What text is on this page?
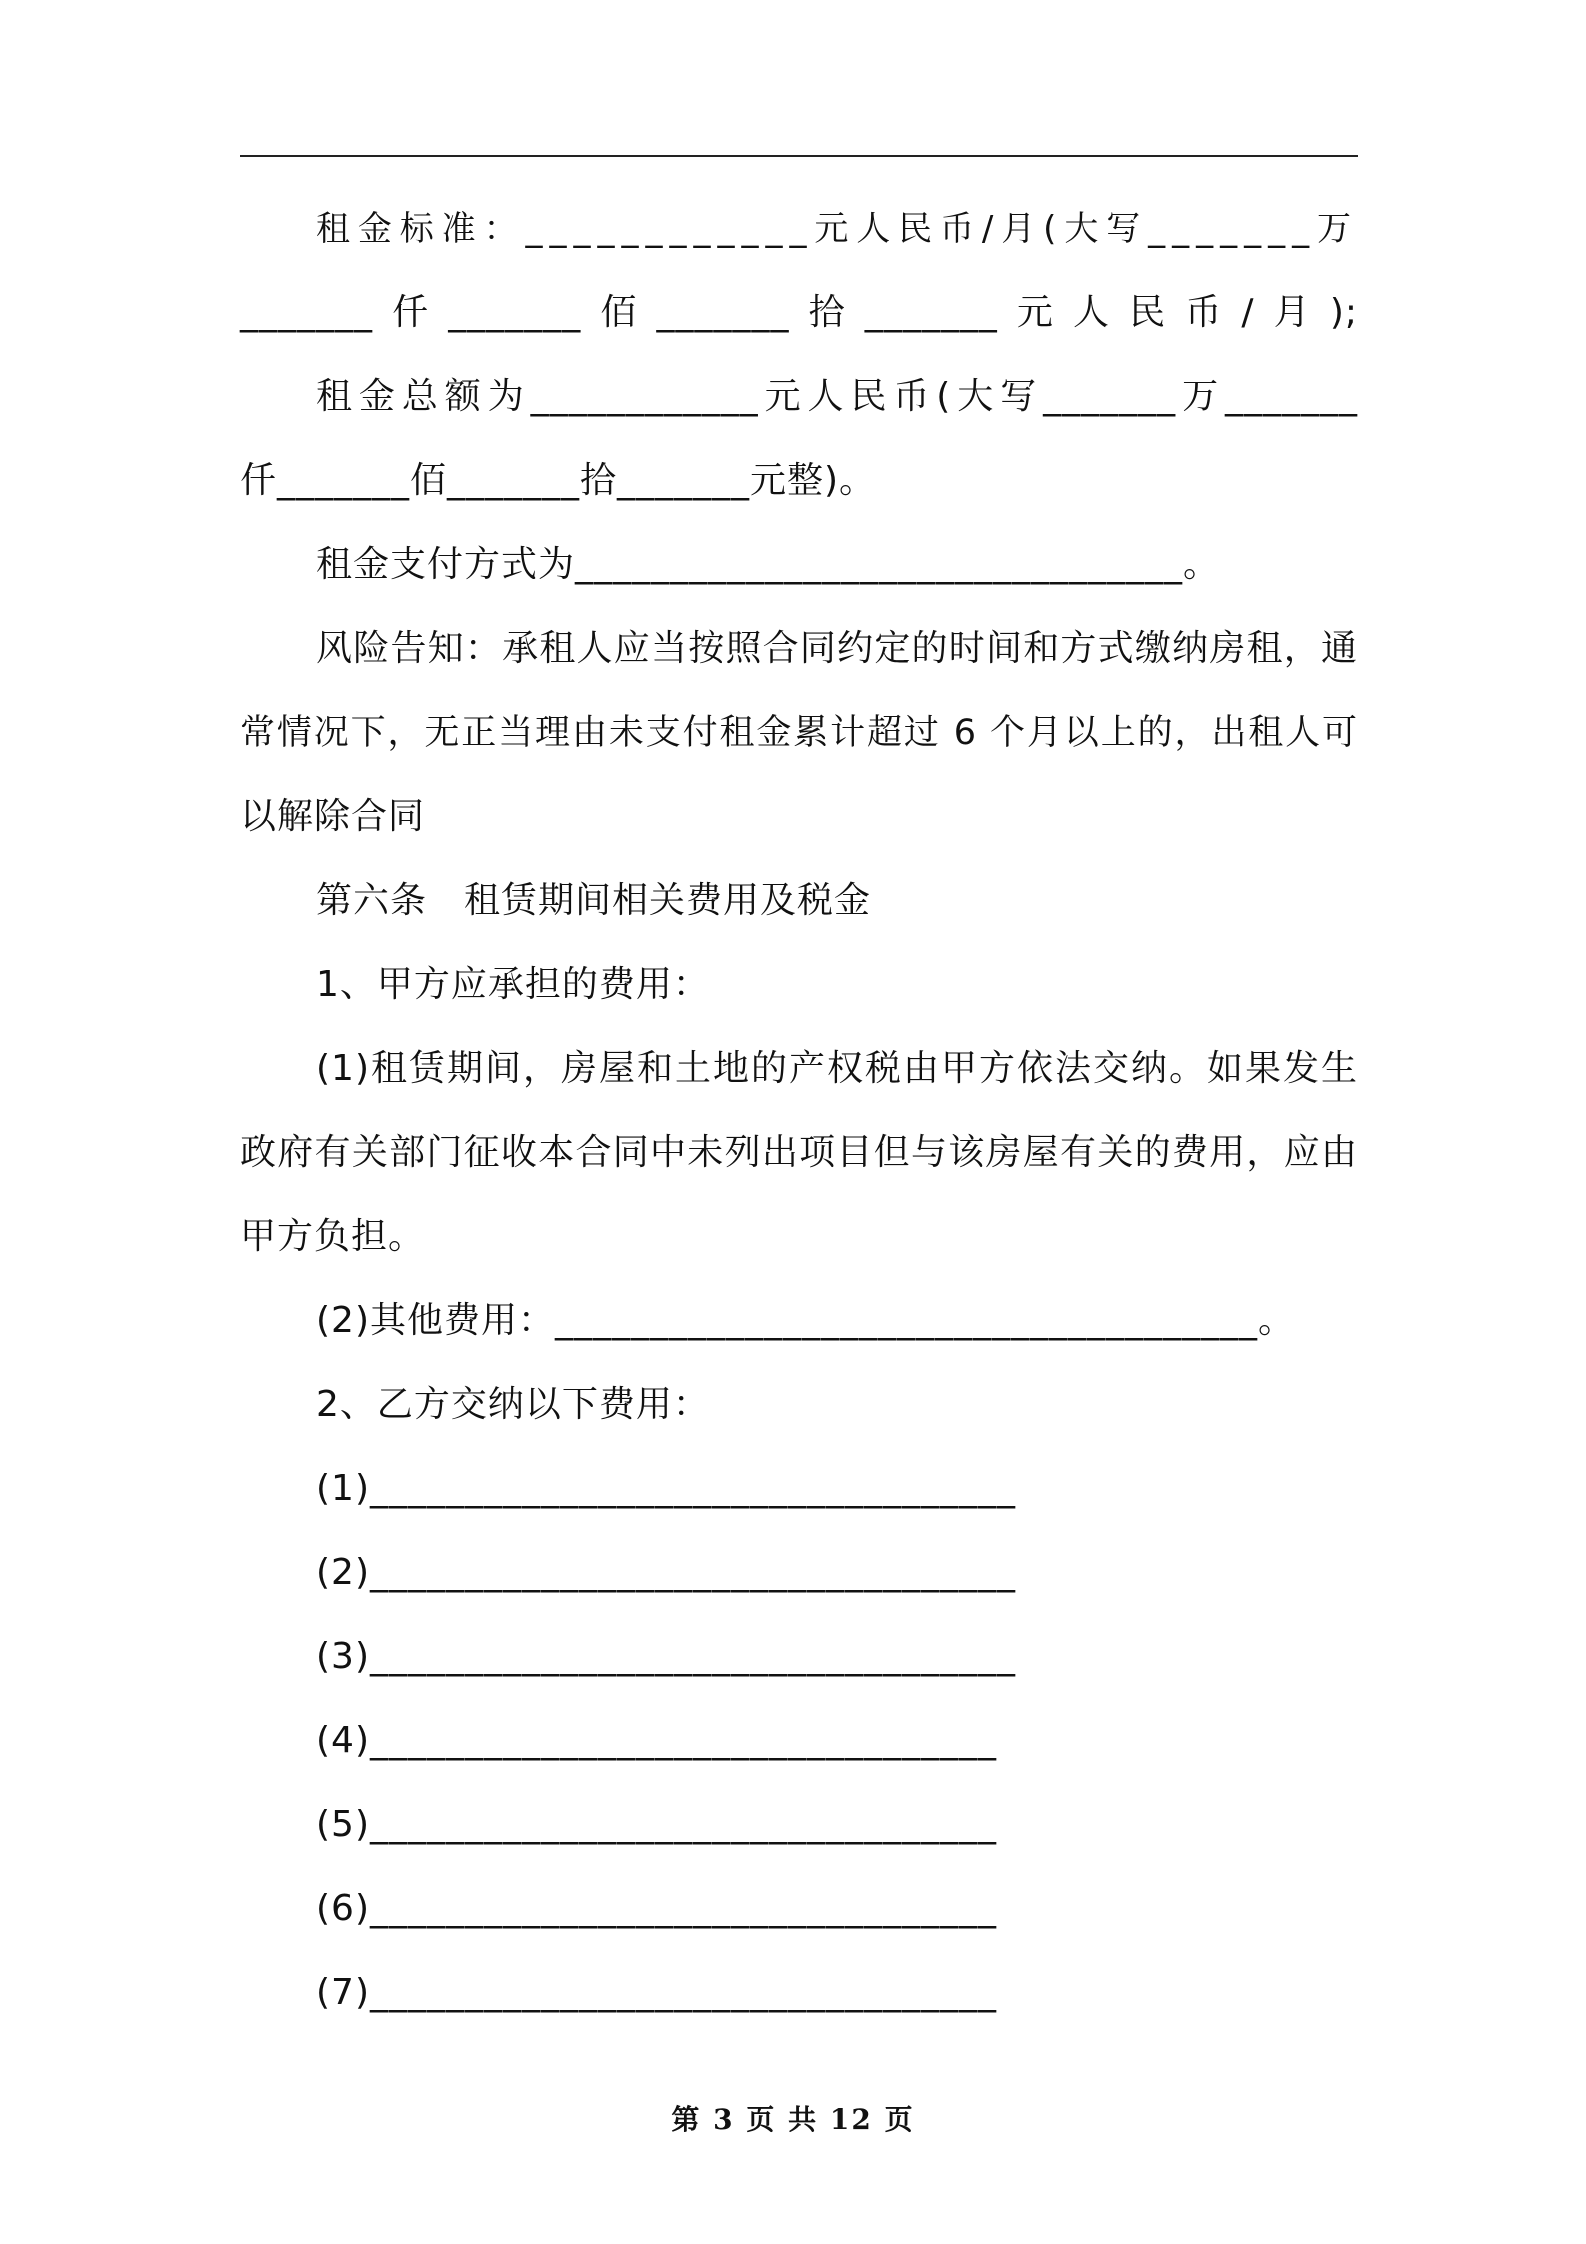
租金标准：____________元人民币/月(大写_______万
_______仟_______佰_______拾_______元人民币/月);
租金总额为____________元人民币(大写_______万_______
仟_______佰_______拾_______元整)。
租金支付方式为________________________________。
风险告知：承租人应当按照合同约定的时间和方式缴纳房租，通
常情况下，无正当理由未支付租金累计超过 6 个月以上的，出租人可
以解除合同
第六条　租赁期间相关费用及税金
1、甲方应承担的费用：
(1)租赁期间，房屋和土地的产权税由甲方依法交纳。如果发生
政府有关部门征收本合同中未列出项目但与该房屋有关的费用，应由
甲方负担。
(2)其他费用：_____________________________________。
2、乙方交纳以下费用：
(1)__________________________________
(2)__________________________________
(3)__________________________________
(4)_________________________________
(5)_________________________________
(6)_________________________________
(7)_________________________________
第 3 页 共 12 页
